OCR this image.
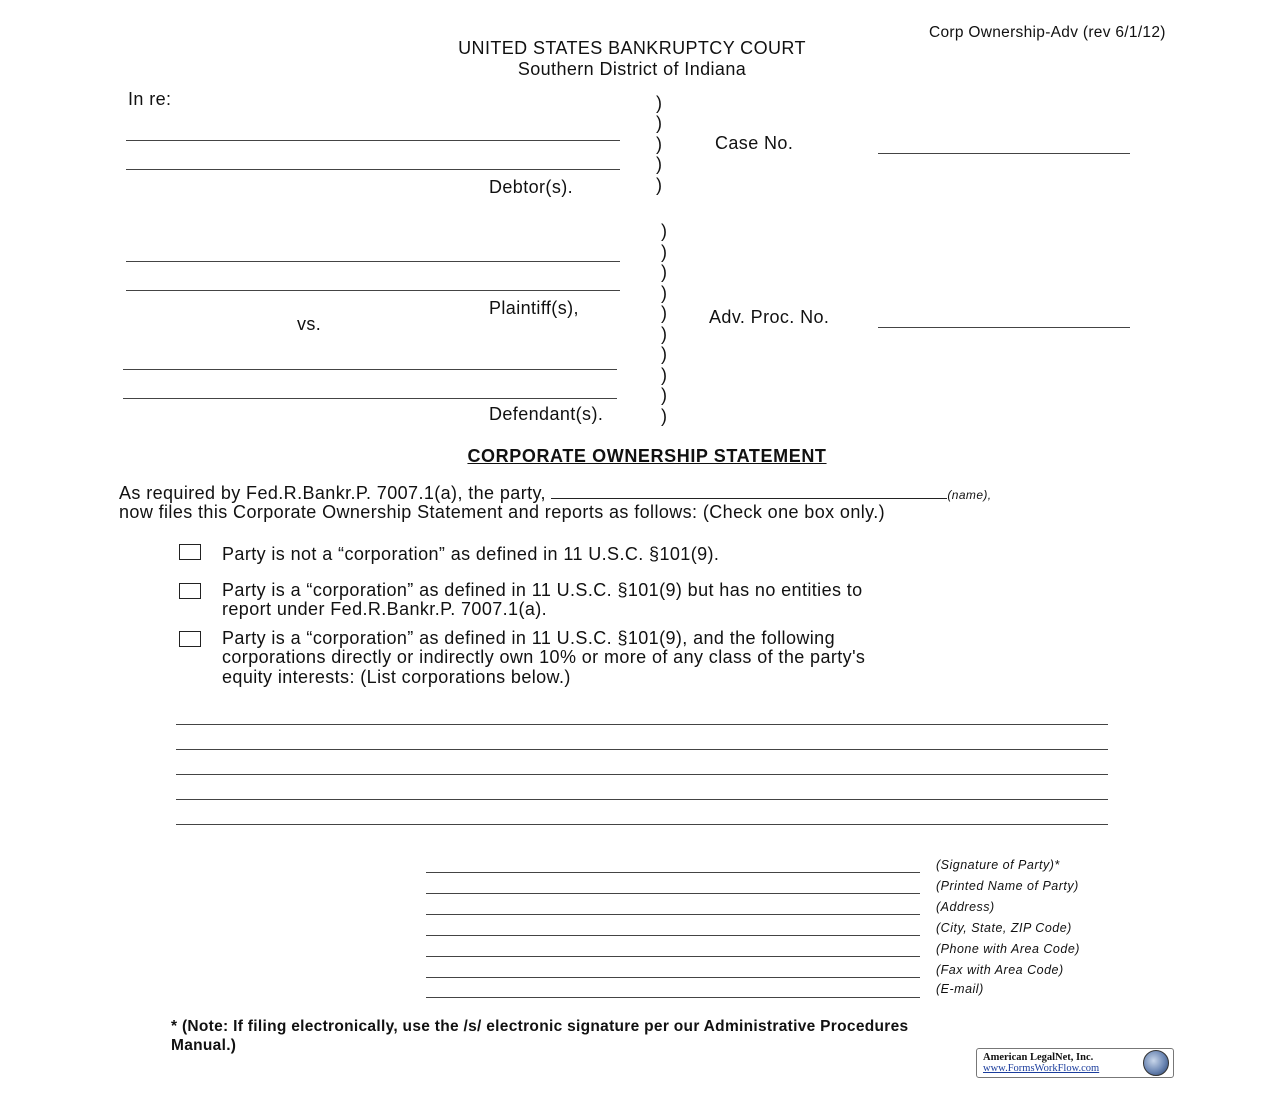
Corp Ownership-Adv (rev 6/1/12)
UNITED STATES BANKRUPTCY COURT
Southern District of Indiana
In re:
Debtor(s).
)
)
)
)
)
Case No.
Plaintiff(s),
vs.
Defendant(s).
)
)
)
)
)
)
)
)
)
)
Adv. Proc. No.
CORPORATE OWNERSHIP STATEMENT
As required by Fed.R.Bankr.P. 7007.1(a), the party,	(name),
now files this Corporate Ownership Statement and reports as follows: (Check one box only.)
Party is not a “corporation” as defined in 11 U.S.C. §101(9).
Party is a “corporation” as defined in 11 U.S.C. §101(9) but has no entities to
report under Fed.R.Bankr.P. 7007.1(a).
Party is a “corporation” as defined in 11 U.S.C. §101(9), and the following
corporations directly or indirectly own 10% or more of any class of the party's
equity interests: (List corporations below.)
(Signature of Party)*
(Printed Name of Party)
(Address)
(City, State, ZIP Code)
(Phone with Area Code)
(Fax with Area Code)
(E-mail)
* (Note: If filing electronically, use the /s/ electronic signature per our Administrative Procedures
Manual.)
American LegalNet, Inc.
www.FormsWorkFlow.com
